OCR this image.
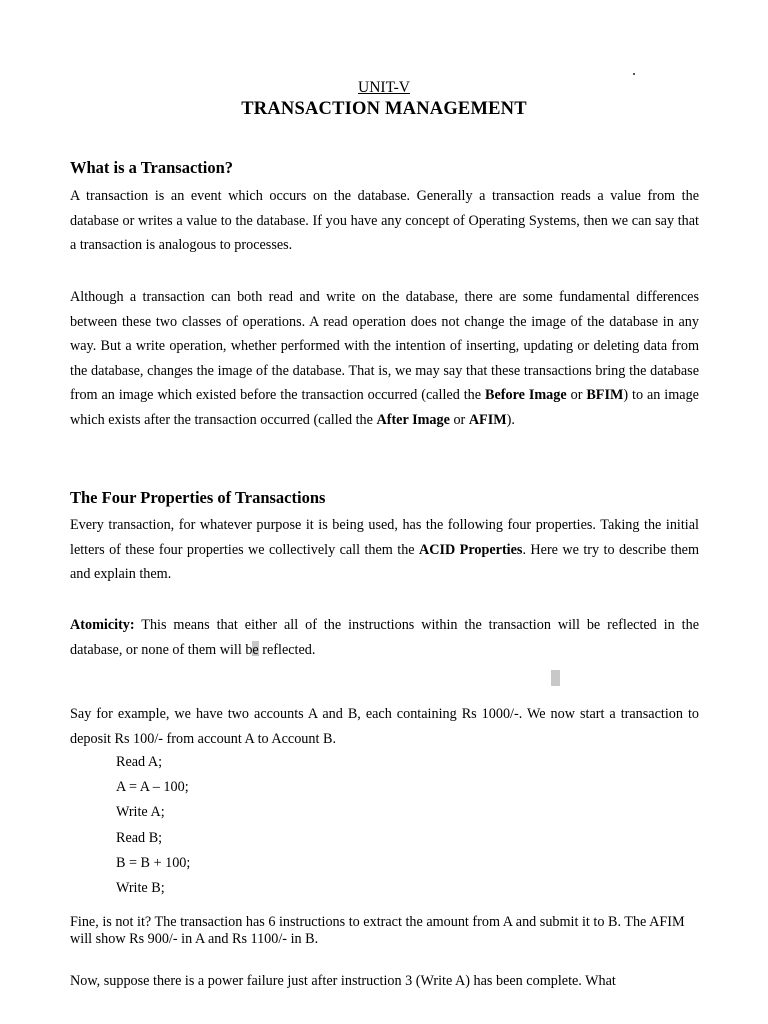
UNIT-V
TRANSACTION MANAGEMENT
What is a Transaction?

A transaction is an event which occurs on the database. Generally a transaction reads a value from the database or writes a value to the database. If you have any concept of Operating Systems, then we can say that a transaction is analogous to processes.

Although a transaction can both read and write on the database, there are some fundamental differences between these two classes of operations. A read operation does not change the image of the database in any way. But a write operation, whether performed with the intention of inserting, updating or deleting data from the database, changes the image of the database. That is, we may say that these transactions bring the database from an image which existed before the transaction occurred (called the Before Image or BFIM) to an image which exists after the transaction occurred (called the After Image or AFIM).

The Four Properties of Transactions

Every transaction, for whatever purpose it is being used, has the following four properties. Taking the initial letters of these four properties we collectively call them the ACID Properties. Here we try to describe them and explain them.

Atomicity: This means that either all of the instructions within the transaction will be reflected in the database, or none of them will be reflected.

Say for example, we have two accounts A and B, each containing Rs 1000/-. We now start a transaction to deposit Rs 100/- from account A to Account B.

Read A;
A = A – 100;
Write A;
Read B;
B = B + 100;
Write B;

Fine, is not it? The transaction has 6 instructions to extract the amount from A and submit it to B. The AFIM will show Rs 900/- in A and Rs 1100/- in B.

Now, suppose there is a power failure just after instruction 3 (Write A) has been complete. What
